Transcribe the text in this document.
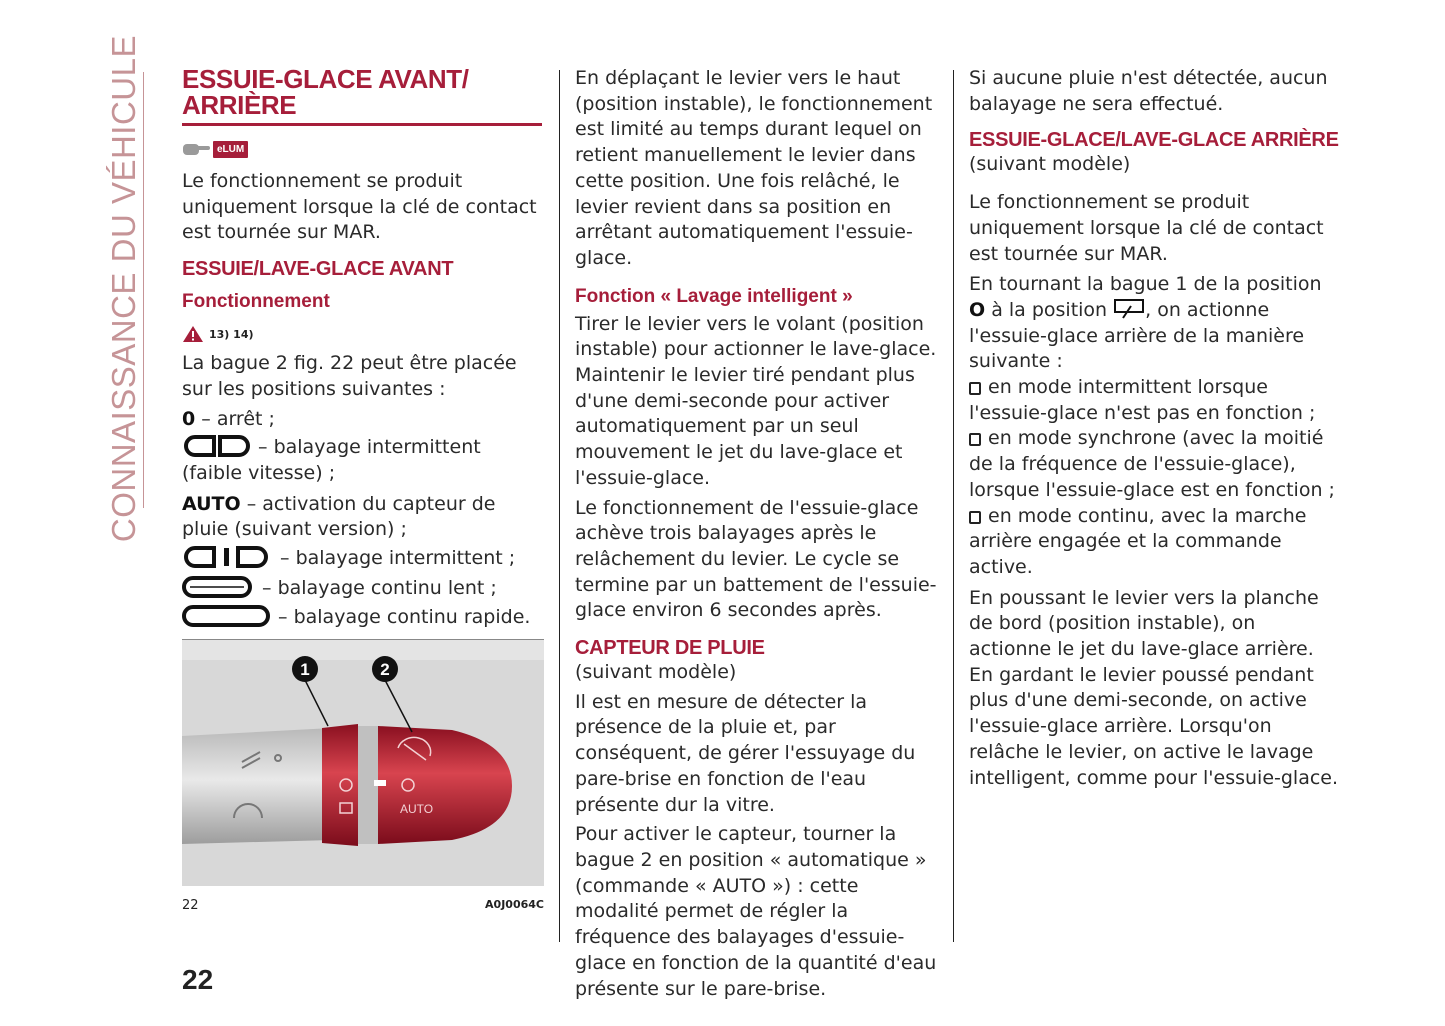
CONNAISSANCE DU VÉHICULE ESSUIE-GLACE AVANT/
ARRIÈRE
eLUM

Le fonctionnement se produit uniquement lorsque la clé de contact est tournée sur MAR.

ESSUIE/LAVE-GLACE AVANT
Fonctionnement
13) 14)

La bague 2 fig. 22 peut être placée sur les positions suivantes :

0 – arrêt ;

– balayage intermittent (faible vitesse) ;

AUTO – activation du capteur de pluie (suivant version) ;

– balayage intermittent ;

– balayage continu lent ;

– balayage continu rapide.

AUTO
1	2
22	A0J0064C

En déplaçant le levier vers le haut (position instable), le fonctionnement est limité au temps durant lequel on retient manuellement le levier dans cette position. Une fois relâché, le levier revient dans sa position en arrêtant automatiquement l'essuie-glace.

Fonction « Lavage intelligent »

Tirer le levier vers le volant (position instable) pour actionner le lave-glace. Maintenir le levier tiré pendant plus d'une demi-seconde pour activer automatiquement par un seul mouvement le jet du lave-glace et l'essuie-glace.

Le fonctionnement de l'essuie-glace achève trois balayages après le relâchement du levier. Le cycle se termine par un battement de l'essuie-glace environ 6 secondes après.

CAPTEUR DE PLUIE

(suivant modèle)

Il est en mesure de détecter la présence de la pluie et, par conséquent, de gérer l'essuyage du pare-brise en fonction de l'eau présente dur la vitre.

Pour activer le capteur, tourner la bague 2 en position « automatique » (commande « AUTO ») : cette modalité permet de régler la fréquence des balayages d'essuie-glace en fonction de la quantité d'eau présente sur le pare-brise.

Si aucune pluie n'est détectée, aucun balayage ne sera effectué.

ESSUIE-GLACE/LAVE-GLACE ARRIÈRE

(suivant modèle)

Le fonctionnement se produit uniquement lorsque la clé de contact est tournée sur MAR.

En tournant la bague 1 de la position O à la position , on actionne l'essuie-glace arrière de la manière suivante :

en mode intermittent lorsque l'essuie-glace n'est pas en fonction ;

en mode synchrone (avec la moitié de la fréquence de l'essuie-glace), lorsque l'essuie-glace est en fonction ;

en mode continu, avec la marche arrière engagée et la commande active.

En poussant le levier vers la planche de bord (position instable), on actionne le jet du lave-glace arrière. En gardant le levier poussé pendant plus d'une demi-seconde, on active l'essuie-glace arrière. Lorsqu'on relâche le levier, on active le lavage intelligent, comme pour l'essuie-glace.

22
